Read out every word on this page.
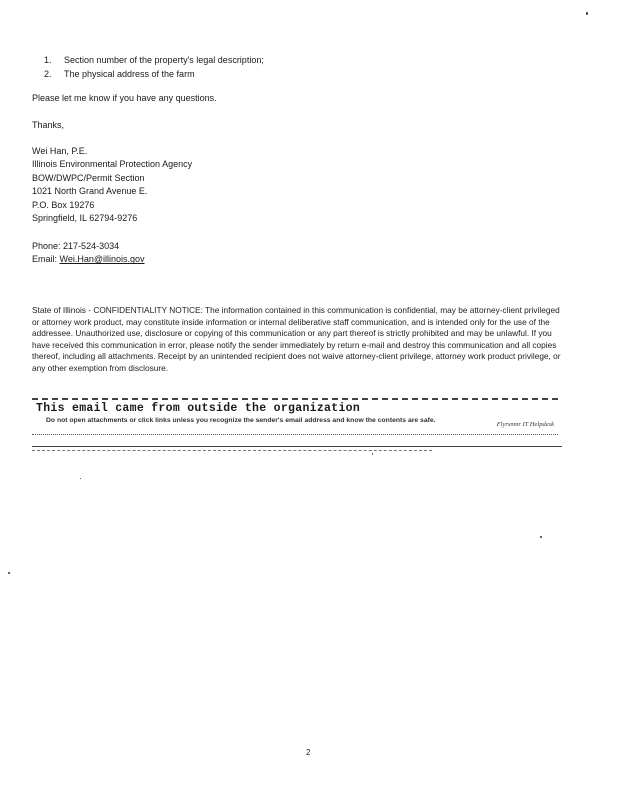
1.	Section number of the property's legal description;
2.	The physical address of the farm
Please let me know if you have any questions.
Thanks,
Wei Han, P.E.
Illinois Environmental Protection Agency
BOW/DWPC/Permit Section
1021 North Grand Avenue E.
P.O. Box 19276
Springfield, IL 62794-9276
Phone: 217-524-3034
Email: Wei.Han@illinois.gov
State of Illinois - CONFIDENTIALITY NOTICE: The information contained in this communication is confidential, may be attorney-client privileged or attorney work product, may constitute inside information or internal deliberative staff communication, and is intended only for the use of the addressee. Unauthorized use, disclosure or copying of this communication or any part thereof is strictly prohibited and may be unlawful. If you have received this communication in error, please notify the sender immediately by return e-mail and destroy this communication and all copies thereof, including all attachments. Receipt by an unintended recipient does not waive attorney-client privilege, attorney work product privilege, or any other exemption from disclosure.
This email came from outside the organization
Do not open attachments or click links unless you recognize the sender's email address and know the contents are safe.
Flyrsnmr IT Helpdesk
2
